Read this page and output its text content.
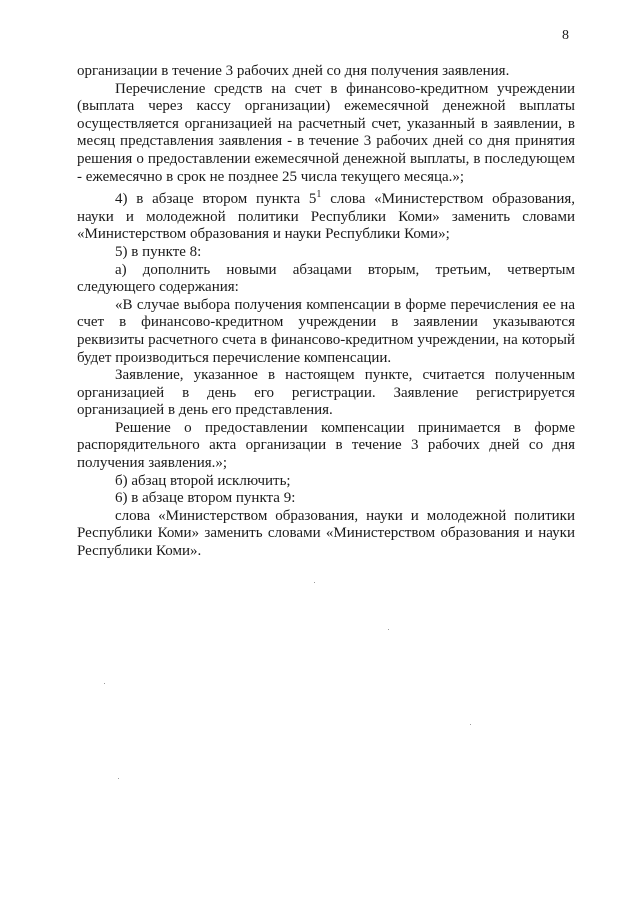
8

организации в течение 3 рабочих дней со дня получения заявления.

Перечисление средств на счет в финансово-кредитном учреждении (выплата через кассу организации) ежемесячной денежной выплаты осуществляется организацией на расчетный счет, указанный в заявлении, в месяц представления заявления - в течение 3 рабочих дней со дня принятия решения о предоставлении ежемесячной денежной выплаты, в последующем - ежемесячно в срок не позднее 25 числа текущего месяца.»;

4) в абзаце втором пункта $5^1$ слова «Министерством образования, науки и молодежной политики Республики Коми» заменить словами «Министерством образования и науки Республики Коми»;

5) в пункте 8:

а) дополнить новыми абзацами вторым, третьим, четвертым следующего содержания:

«В случае выбора получения компенсации в форме перечисления ее на счет в финансово-кредитном учреждении в заявлении указываются реквизиты расчетного счета в финансово-кредитном учреждении, на который будет производиться перечисление компенсации.

Заявление, указанное в настоящем пункте, считается полученным организацией в день его регистрации. Заявление регистрируется организацией в день его представления.

Решение о предоставлении компенсации принимается в форме распорядительного акта организации в течение 3 рабочих дней со дня получения заявления.»;

б) абзац второй исключить;

6) в абзаце втором пункта 9:

слова «Министерством образования, науки и молодежной политики Республики Коми» заменить словами «Министерством образования и науки Республики Коми».
